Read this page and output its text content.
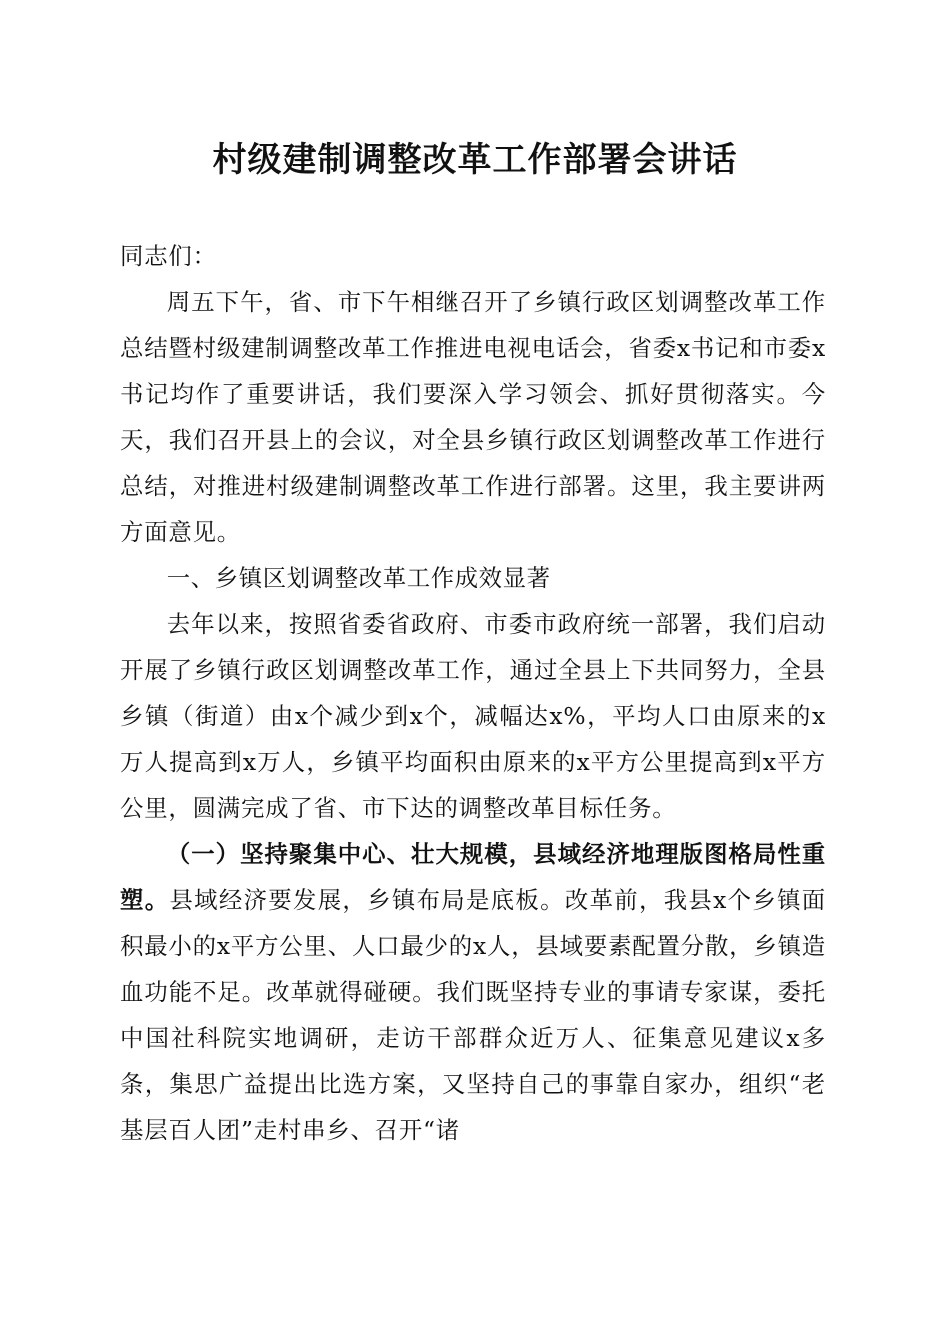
村级建制调整改革工作部署会讲话

同志们：

周五下午，省、市下午相继召开了乡镇行政区划调整改革工作总结暨村级建制调整改革工作推进电视电话会，省委x书记和市委x书记均作了重要讲话，我们要深入学习领会、抓好贯彻落实。今天，我们召开县上的会议，对全县乡镇行政区划调整改革工作进行总结，对推进村级建制调整改革工作进行部署。这里，我主要讲两方面意见。

一、乡镇区划调整改革工作成效显著

去年以来，按照省委省政府、市委市政府统一部署，我们启动开展了乡镇行政区划调整改革工作，通过全县上下共同努力，全县乡镇（街道）由x个减少到x个，减幅达x%，平均人口由原来的x万人提高到x万人，乡镇平均面积由原来的x平方公里提高到x平方公里，圆满完成了省、市下达的调整改革目标任务。

（一）坚持聚集中心、壮大规模，县域经济地理版图格局性重塑。县域经济要发展，乡镇布局是底板。改革前，我县x个乡镇面积最小的x平方公里、人口最少的x人，县域要素配置分散，乡镇造血功能不足。改革就得碰硬。我们既坚持专业的事请专家谋，委托中国社科院实地调研，走访干部群众近万人、征集意见建议x多条，集思广益提出比选方案，又坚持自己的事靠自家办，组织“老基层百人团”走村串乡、召开“诸
